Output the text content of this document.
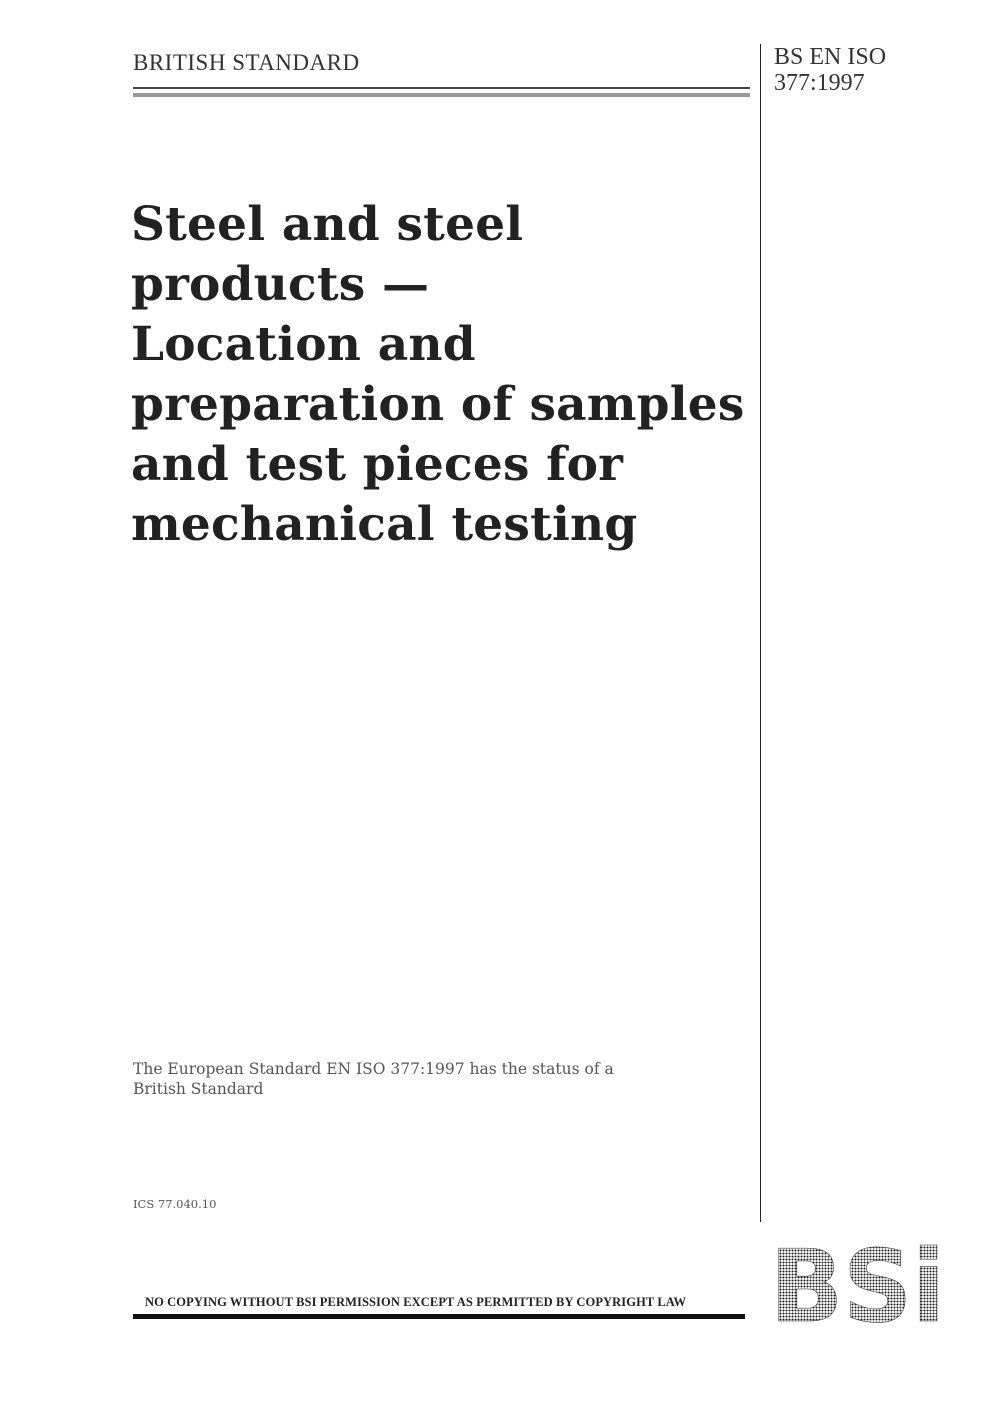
BRITISH STANDARD	BS EN ISO
377:1997
Steel and steel
products —
Location and
preparation of samples
and test pieces for
mechanical testing
The European Standard EN ISO 377:1997 has the status of a
British Standard
ICS 77.040.10
NO COPYING WITHOUT BSI PERMISSION EXCEPT AS PERMITTED BY COPYRIGHT LAW BSi
